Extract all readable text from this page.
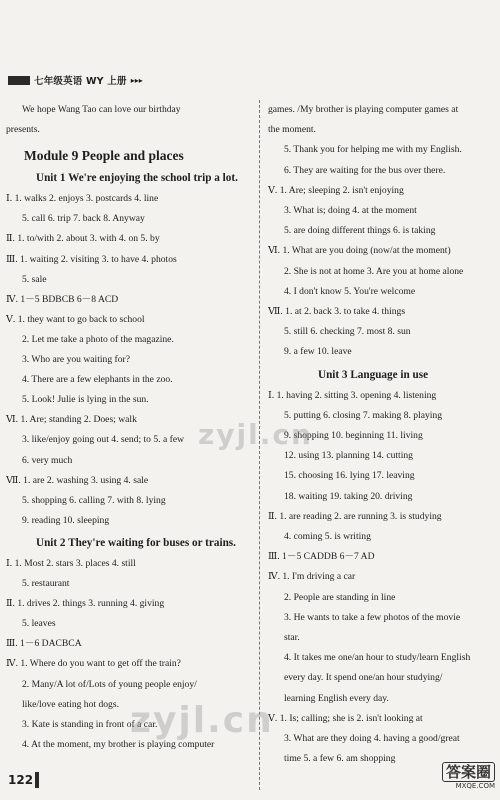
七年级英语 WY 上册 ▸▸▸
We hope Wang Tao can love our birthday
presents.
Module 9 People and places
Unit 1 We're enjoying the school trip a lot.
Ⅰ. 1. walks 2. enjoys 3. postcards 4. line
5. call 6. trip 7. back 8. Anyway
Ⅱ. 1. to/with 2. about 3. with 4. on 5. by
Ⅲ. 1. waiting 2. visiting 3. to have 4. photos
5. sale
Ⅳ. 1－5 BDBCB 6－8 ACD
Ⅴ. 1. they want to go back to school
2. Let me take a photo of the magazine.
3. Who are you waiting for?
4. There are a few elephants in the zoo.
5. Look! Julie is lying in the sun.
Ⅵ. 1. Are; standing 2. Does; walk
3. like/enjoy going out 4. send; to 5. a few
6. very much
Ⅶ. 1. are 2. washing 3. using 4. sale
5. shopping 6. calling 7. with 8. lying
9. reading 10. sleeping
Unit 2 They're waiting for buses or trains.
Ⅰ. 1. Most 2. stars 3. places 4. still
5. restaurant
Ⅱ. 1. drives 2. things 3. running 4. giving
5. leaves
Ⅲ. 1－6 DACBCA
Ⅳ. 1. Where do you want to get off the train?
2. Many/A lot of/Lots of young people enjoy/
like/love eating hot dogs.
3. Kate is standing in front of a car.
4. At the moment, my brother is playing computer
games. /My brother is playing computer games at
the moment.
5. Thank you for helping me with my English.
6. They are waiting for the bus over there.
Ⅴ. 1. Are; sleeping 2. isn't enjoying
3. What is; doing 4. at the moment
5. are doing different things 6. is taking
Ⅵ. 1. What are you doing (now/at the moment)
2. She is not at home 3. Are you at home alone
4. I don't know 5. You're welcome
Ⅶ. 1. at 2. back 3. to take 4. things
5. still 6. checking 7. most 8. sun
9. a few 10. leave
Unit 3 Language in use
Ⅰ. 1. having 2. sitting 3. opening 4. listening
5. putting 6. closing 7. making 8. playing
9. shopping 10. beginning 11. living
12. using 13. planning 14. cutting
15. choosing 16. lying 17. leaving
18. waiting 19. taking 20. driving
Ⅱ. 1. are reading 2. are running 3. is studying
4. coming 5. is writing
Ⅲ. 1－5 CADDB 6－7 AD
Ⅳ. 1. I'm driving a car
2. People are standing in line
3. He wants to take a few photos of the movie
star.
4. It takes me one/an hour to study/learn English
every day. It spend one/an hour studying/
learning English every day.
Ⅴ. 1. Is; calling; she is 2. isn't looking at
3. What are they doing 4. having a good/great
time 5. a few 6. am shopping
zyjl.cn
zyjl.cn
122	答案圈
MXQE.COM
